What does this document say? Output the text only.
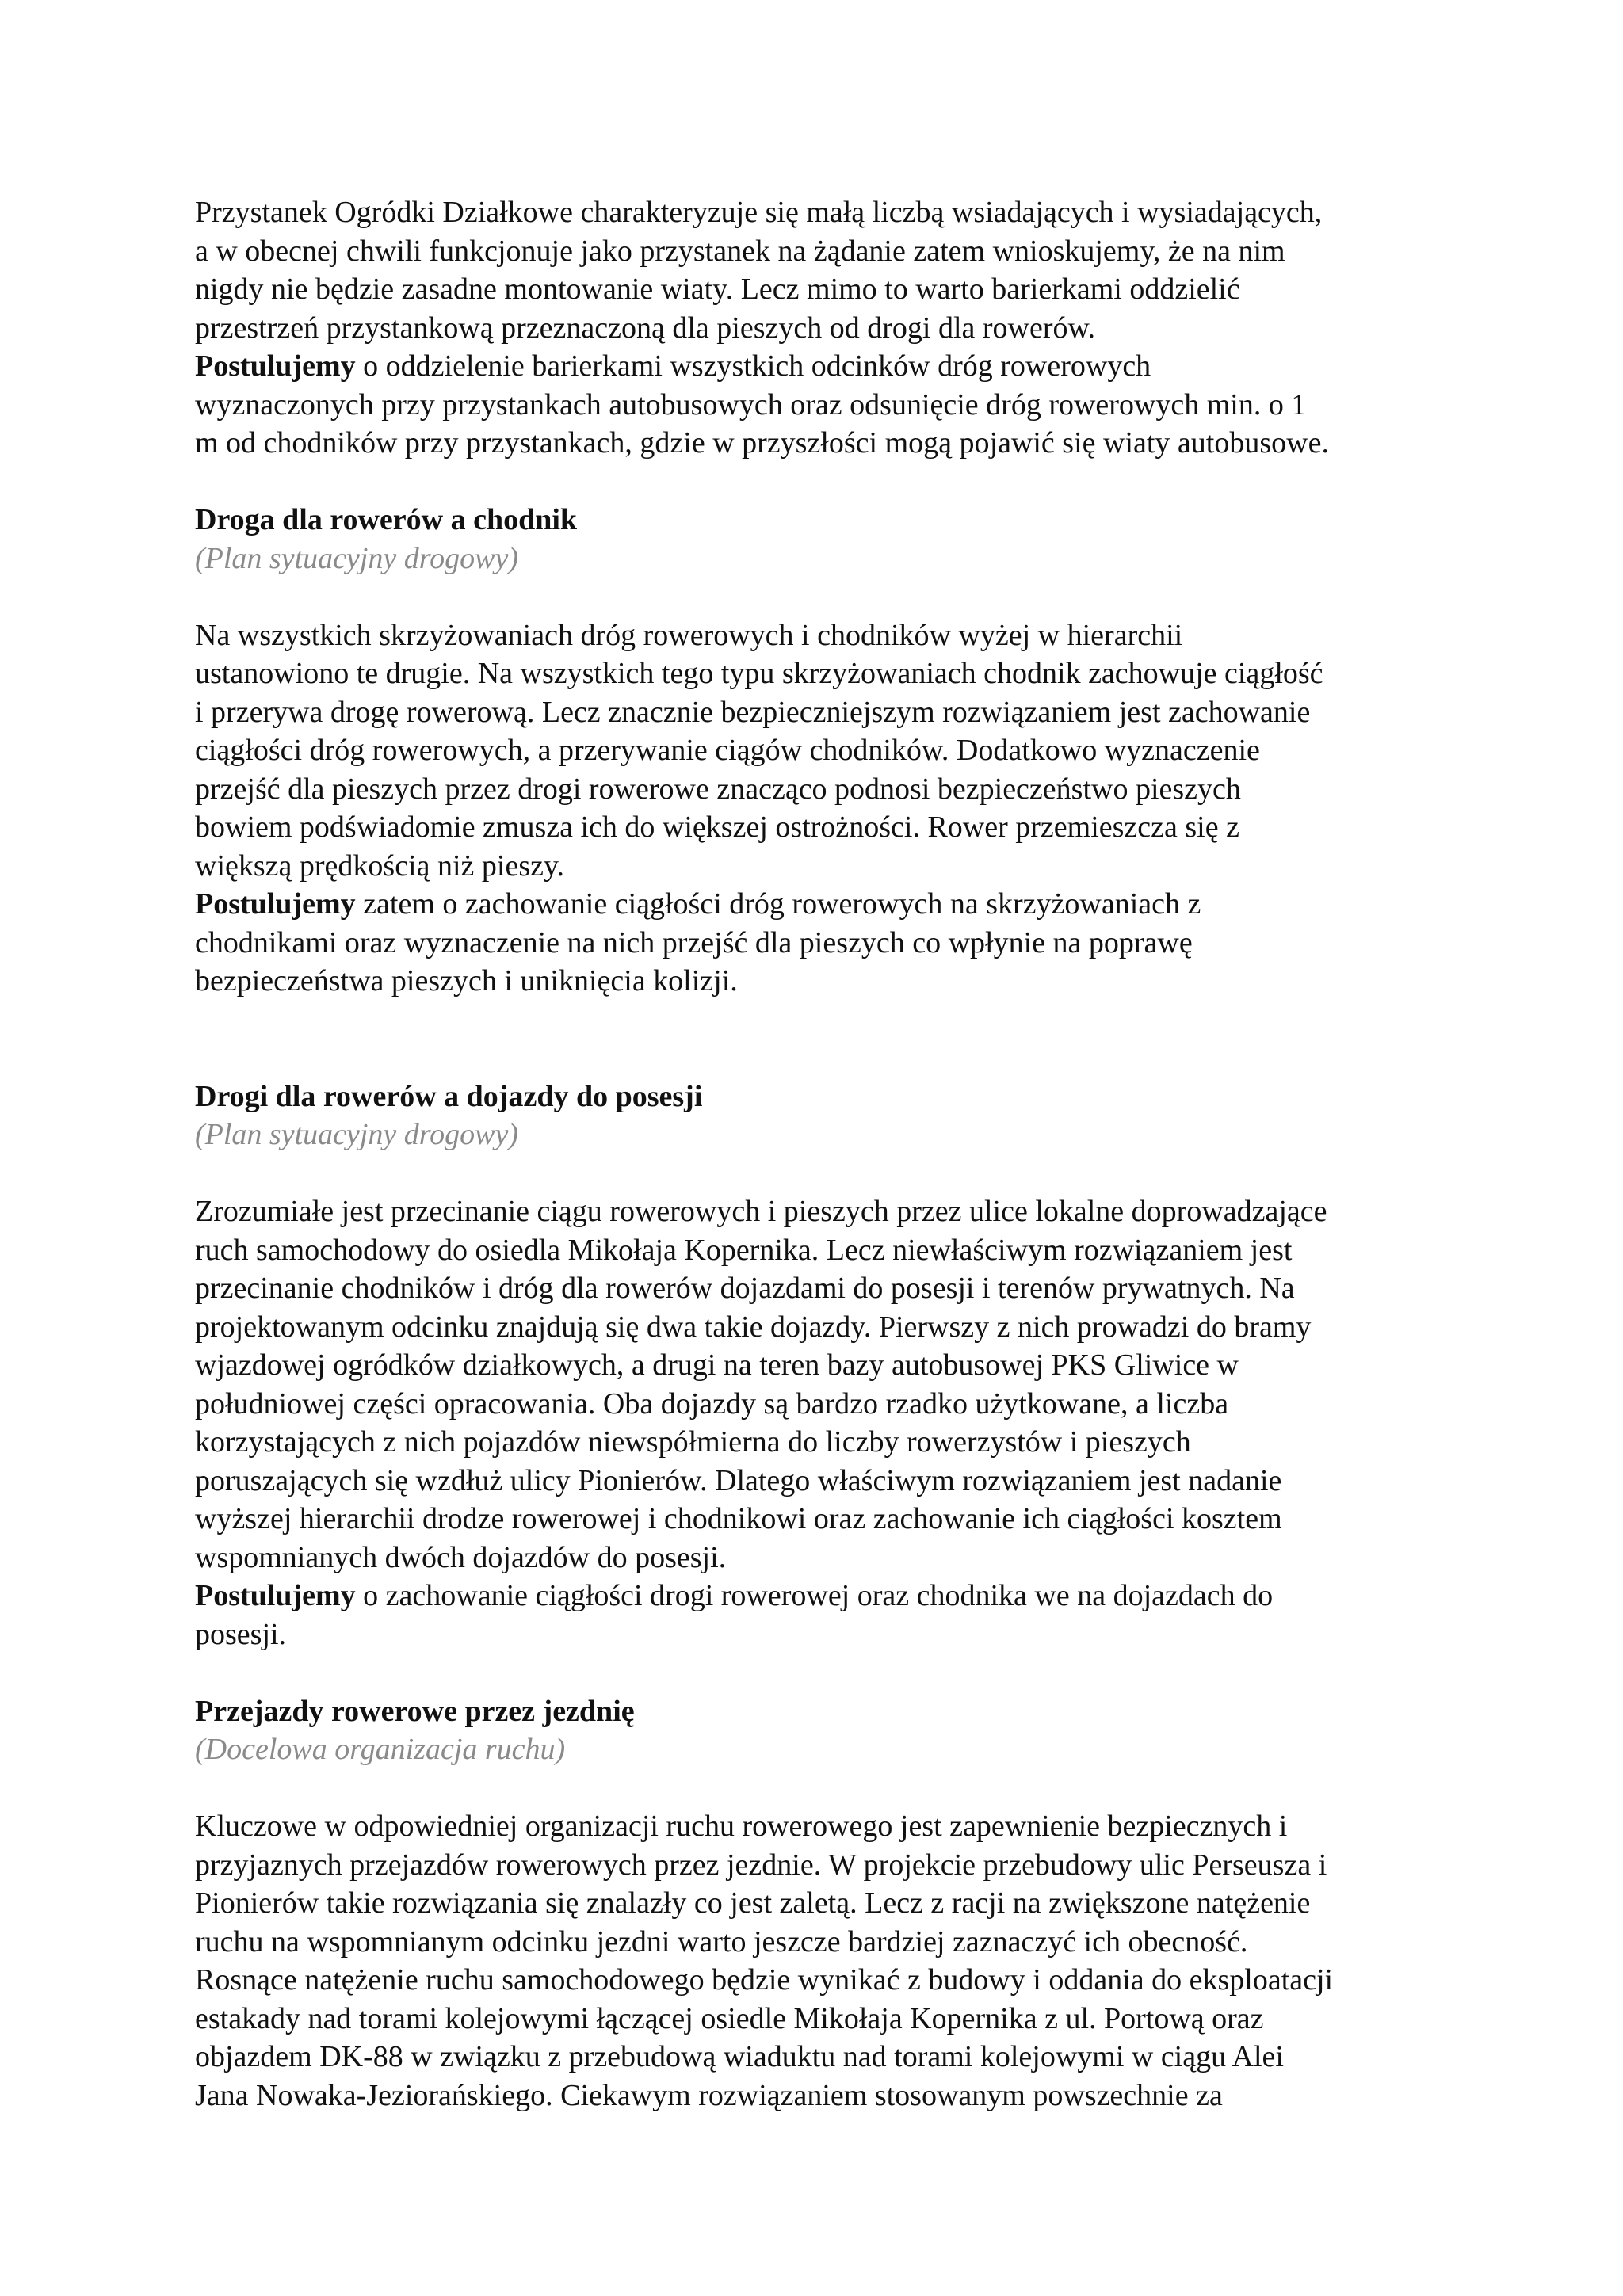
Przystanek Ogródki Działkowe charakteryzuje się małą liczbą wsiadających i wysiadających,
a w obecnej chwili funkcjonuje jako przystanek na żądanie zatem wnioskujemy, że na nim
nigdy nie będzie zasadne montowanie wiaty. Lecz mimo to warto barierkami oddzielić
przestrzeń przystankową przeznaczoną dla pieszych od drogi dla rowerów.
Postulujemy o oddzielenie barierkami wszystkich odcinków dróg rowerowych
wyznaczonych przy przystankach autobusowych oraz odsunięcie dróg rowerowych min. o 1
m od chodników przy przystankach, gdzie w przyszłości mogą pojawić się wiaty autobusowe.
Droga dla rowerów a chodnik
(Plan sytuacyjny drogowy)
Na wszystkich skrzyżowaniach dróg rowerowych i chodników wyżej w hierarchii
ustanowiono te drugie. Na wszystkich tego typu skrzyżowaniach chodnik zachowuje ciągłość
i przerywa drogę rowerową. Lecz znacznie bezpieczniejszym rozwiązaniem jest zachowanie
ciągłości dróg rowerowych, a przerywanie ciągów chodników. Dodatkowo wyznaczenie
przejść dla pieszych przez drogi rowerowe znacząco podnosi bezpieczeństwo pieszych
bowiem podświadomie zmusza ich do większej ostrożności. Rower przemieszcza się z
większą prędkością niż pieszy.
Postulujemy zatem o zachowanie ciągłości dróg rowerowych na skrzyżowaniach z
chodnikami oraz wyznaczenie na nich przejść dla pieszych co wpłynie na poprawę
bezpieczeństwa pieszych i uniknięcia kolizji.
Drogi dla rowerów a dojazdy do posesji
(Plan sytuacyjny drogowy)
Zrozumiałe jest przecinanie ciągu rowerowych i pieszych przez ulice lokalne doprowadzające
ruch samochodowy do osiedla Mikołaja Kopernika. Lecz niewłaściwym rozwiązaniem jest
przecinanie chodników i dróg dla rowerów dojazdami do posesji i terenów prywatnych. Na
projektowanym odcinku znajdują się dwa takie dojazdy. Pierwszy z nich prowadzi do bramy
wjazdowej ogródków działkowych, a drugi na teren bazy autobusowej PKS Gliwice w
południowej części opracowania. Oba dojazdy są bardzo rzadko użytkowane, a liczba
korzystających z nich pojazdów niewspółmierna do liczby rowerzystów i pieszych
poruszających się wzdłuż ulicy Pionierów. Dlatego właściwym rozwiązaniem jest nadanie
wyższej hierarchii drodze rowerowej i chodnikowi oraz zachowanie ich ciągłości kosztem
wspomnianych dwóch dojazdów do posesji.
Postulujemy o zachowanie ciągłości drogi rowerowej oraz chodnika we na dojazdach do
posesji.
Przejazdy rowerowe przez jezdnię
(Docelowa organizacja ruchu)
Kluczowe w odpowiedniej organizacji ruchu rowerowego jest zapewnienie bezpiecznych i
przyjaznych przejazdów rowerowych przez jezdnie. W projekcie przebudowy ulic Perseusza i
Pionierów takie rozwiązania się znalazły co jest zaletą. Lecz z racji na zwiększone natężenie
ruchu na wspomnianym odcinku jezdni warto jeszcze bardziej zaznaczyć ich obecność.
Rosnące natężenie ruchu samochodowego będzie wynikać z budowy i oddania do eksploatacji
estakady nad torami kolejowymi łączącej osiedle Mikołaja Kopernika z ul. Portową oraz
objazdem DK-88 w związku z przebudową wiaduktu nad torami kolejowymi w ciągu Alei
Jana Nowaka-Jeziorańskiego. Ciekawym rozwiązaniem stosowanym powszechnie za
